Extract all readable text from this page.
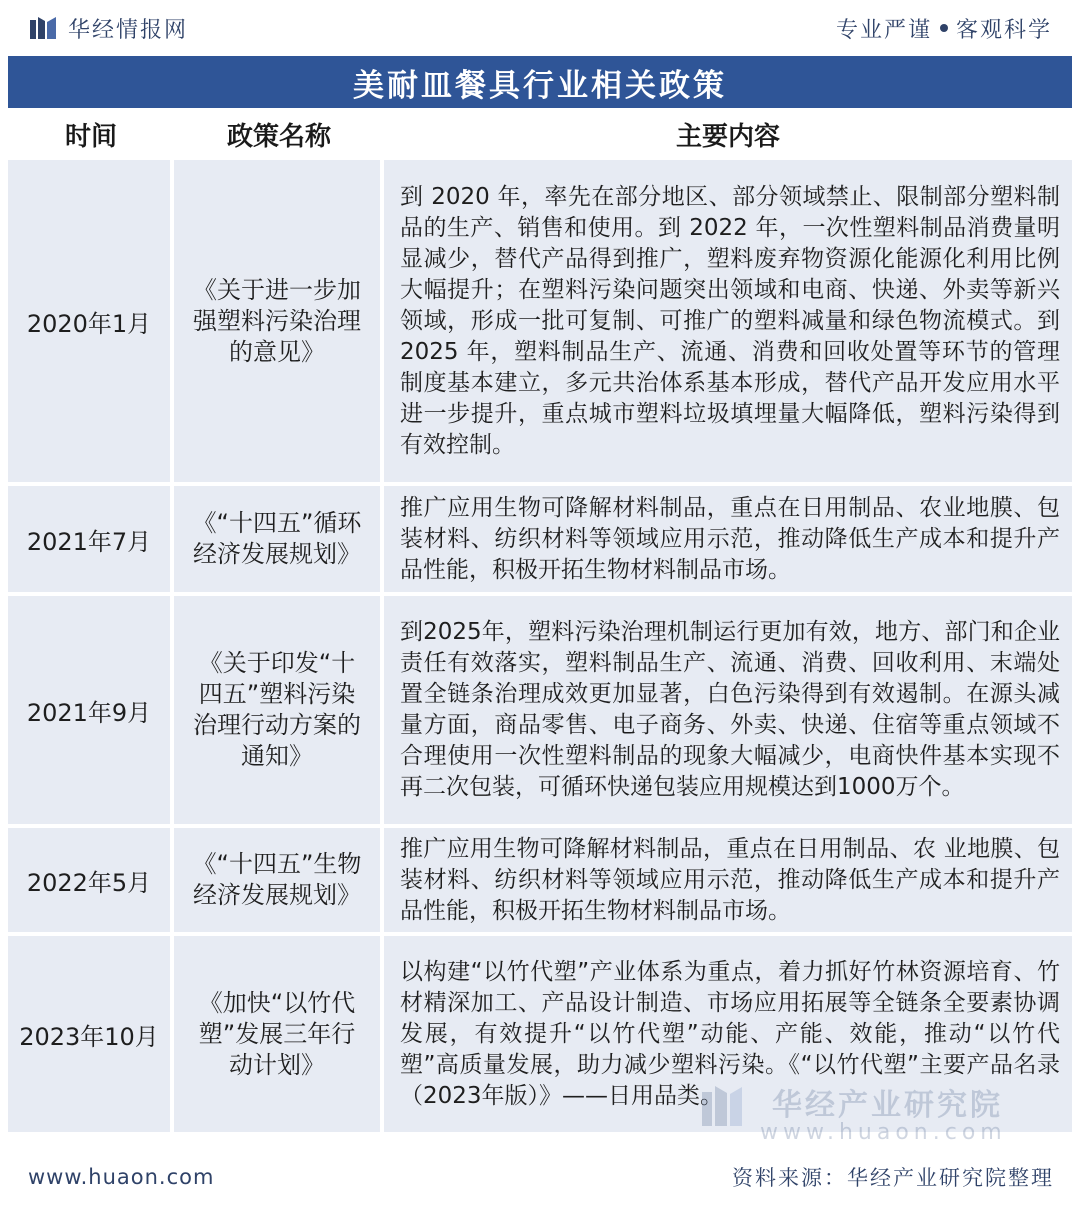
华经情报网	专业严谨 客观科学
美耐皿餐具行业相关政策
时间	政策名称	主要内容
2020年1月	《关于进一步加强塑料污染治理的意见》	到 2020 年，率先在部分地区、部分领域禁止、限制部分塑料制品的生产、销售和使用。到 2022 年，一次性塑料制品消费量明显减少，替代产品得到推广，塑料废弃物资源化能源化利用比例大幅提升；在塑料污染问题突出领域和电商、快递、外卖等新兴领域，形成一批可复制、可推广的塑料减量和绿色物流模式。到 2025 年，塑料制品生产、流通、消费和回收处置等环节的管理制度基本建立，多元共治体系基本形成，替代产品开发应用水平进一步提升，重点城市塑料垃圾填埋量大幅降低，塑料污染得到有效控制。
2021年7月	《“十四五”循环经济发展规划》	推广应用生物可降解材料制品，重点在日用制品、农业地膜、包装材料、纺织材料等领域应用示范，推动降低生产成本和提升产品性能，积极开拓生物材料制品市场。
2021年9月	《关于印发“十四五”塑料污染治理行动方案的通知》	到2025年，塑料污染治理机制运行更加有效，地方、部门和企业责任有效落实，塑料制品生产、流通、消费、回收利用、末端处置全链条治理成效更加显著，白色污染得到有效遏制。在源头减量方面，商品零售、电子商务、外卖、快递、住宿等重点领域不合理使用一次性塑料制品的现象大幅减少，电商快件基本实现不再二次包装，可循环快递包装应用规模达到1000万个。
2022年5月	《“十四五”生物经济发展规划》	推广应用生物可降解材料制品，重点在日用制品、农 业地膜、包装材料、纺织材料等领域应用示范，推动降低生产成本和提升产 品性能，积极开拓生物材料制品市场。
2023年10月	《加快“以竹代塑”发展三年行动计划》	以构建“以竹代塑”产业体系为重点，着力抓好竹林资源培育、竹材精深加工、产品设计制造、市场应用拓展等全链条全要素协调发展，有效提升“以竹代塑”动能、产能、效能，推动“以竹代塑”高质量发展，助力减少塑料污染。《“以竹代塑”主要产品名录（2023年版）》——日用品类。 华经产业研究院
www.huaon.com
www.huaon.com	资料来源：华经产业研究院整理
